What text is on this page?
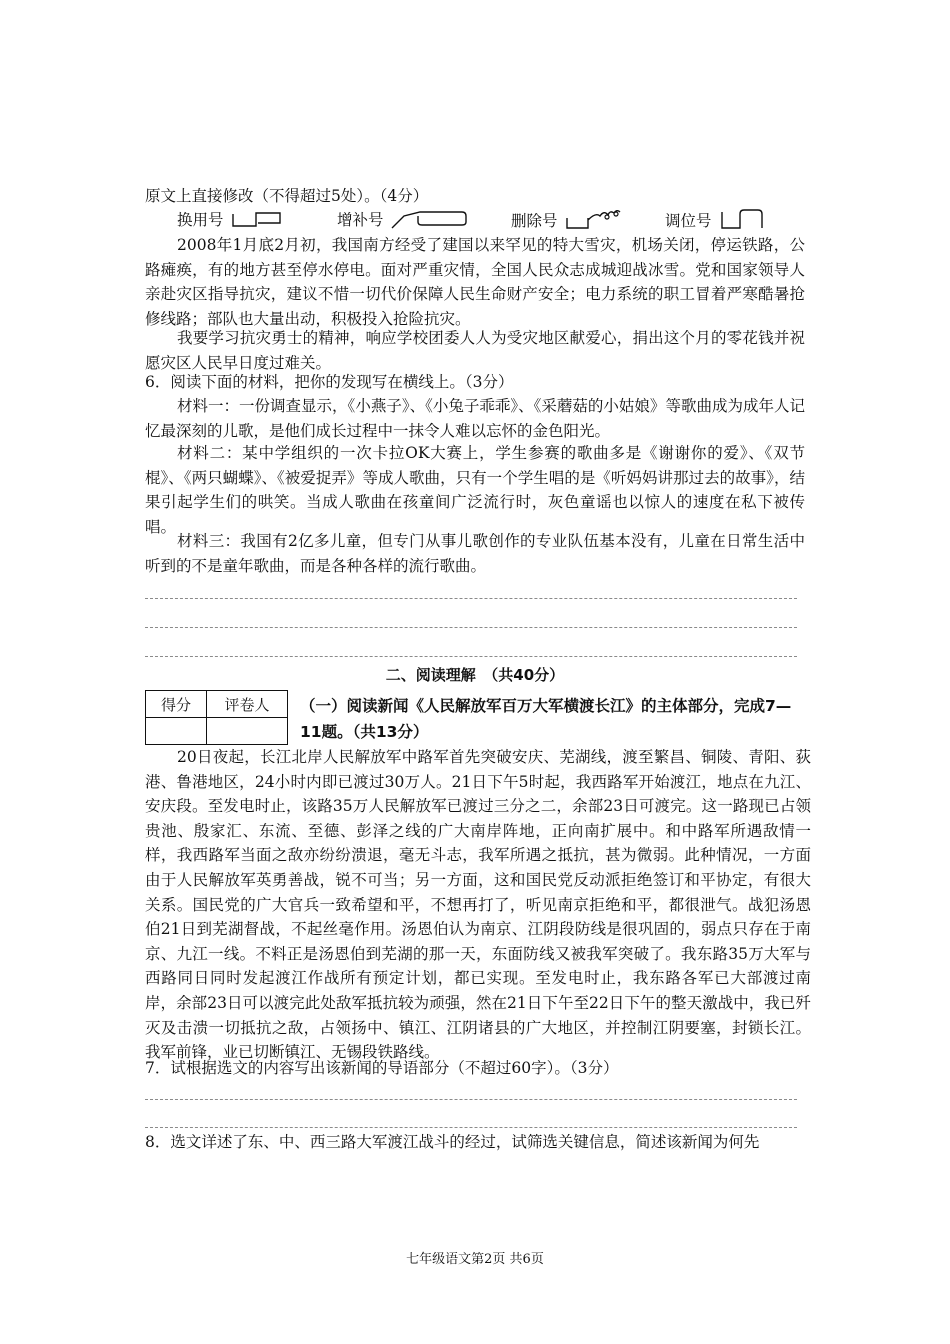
原文上直接修改（不得超过5处）。（4分）
换用号	增补号	删除号	调位号
2008年1月底2月初，我国南方经受了建国以来罕见的特大雪灾，机场关闭，停运铁路，公路瘫痪，有的地方甚至停水停电。面对严重灾情，全国人民众志成城迎战冰雪。党和国家领导人亲赴灾区指导抗灾，建议不惜一切代价保障人民生命财产安全；电力系统的职工冒着严寒酷暑抢修线路；部队也大量出动，积极投入抢险抗灾。
我要学习抗灾勇士的精神，响应学校团委人人为受灾地区献爱心，捐出这个月的零花钱并祝愿灾区人民早日度过难关。
6．阅读下面的材料，把你的发现写在横线上。（3分）
材料一：一份调查显示，《小燕子》、《小兔子乖乖》、《采蘑菇的小姑娘》等歌曲成为成年人记忆最深刻的儿歌，是他们成长过程中一抹令人难以忘怀的金色阳光。
材料二：某中学组织的一次卡拉OK大赛上，学生参赛的歌曲多是《谢谢你的爱》、《双节棍》、《两只蝴蝶》、《被爱捉弄》等成人歌曲，只有一个学生唱的是《听妈妈讲那过去的故事》，结果引起学生们的哄笑。当成人歌曲在孩童间广泛流行时，灰色童谣也以惊人的速度在私下被传唱。
材料三：我国有2亿多儿童，但专门从事儿歌创作的专业队伍基本没有，儿童在日常生活中听到的不是童年歌曲，而是各种各样的流行歌曲。
二、阅读理解　（共40分）
得分	评卷人
	（一）阅读新闻《人民解放军百万大军横渡长江》的主体部分，完成7—11题。（共13分）
20日夜起，长江北岸人民解放军中路军首先突破安庆、芜湖线，渡至繁昌、铜陵、青阳、荻港、鲁港地区，24小时内即已渡过30万人。21日下午5时起，我西路军开始渡江，地点在九江、安庆段。至发电时止，该路35万人民解放军已渡过三分之二，余部23日可渡完。这一路现已占领贵池、殷家汇、东流、至德、彭泽之线的广大南岸阵地，正向南扩展中。和中路军所遇敌情一样，我西路军当面之敌亦纷纷溃退，毫无斗志，我军所遇之抵抗，甚为微弱。此种情况，一方面由于人民解放军英勇善战，锐不可当；另一方面，这和国民党反动派拒绝签订和平协定，有很大关系。国民党的广大官兵一致希望和平，不想再打了，听见南京拒绝和平，都很泄气。战犯汤恩伯21日到芜湖督战，不起丝毫作用。汤恩伯认为南京、江阴段防线是很巩固的，弱点只存在于南京、九江一线。不料正是汤恩伯到芜湖的那一天，东面防线又被我军突破了。我东路35万大军与西路同日同时发起渡江作战所有预定计划，都已实现。至发电时止，我东路各军已大部渡过南岸，余部23日可以渡完此处敌军抵抗较为顽强，然在21日下午至22日下午的整天激战中，我已歼灭及击溃一切抵抗之敌，占领扬中、镇江、江阴诸县的广大地区，并控制江阴要塞，封锁长江。我军前锋，业已切断镇江、无锡段铁路线。
7．试根据选文的内容写出该新闻的导语部分（不超过60字）。（3分）
8．选文详述了东、中、西三路大军渡江战斗的经过，试筛选关键信息，简述该新闻为何先
七年级语文第2页 共6页
